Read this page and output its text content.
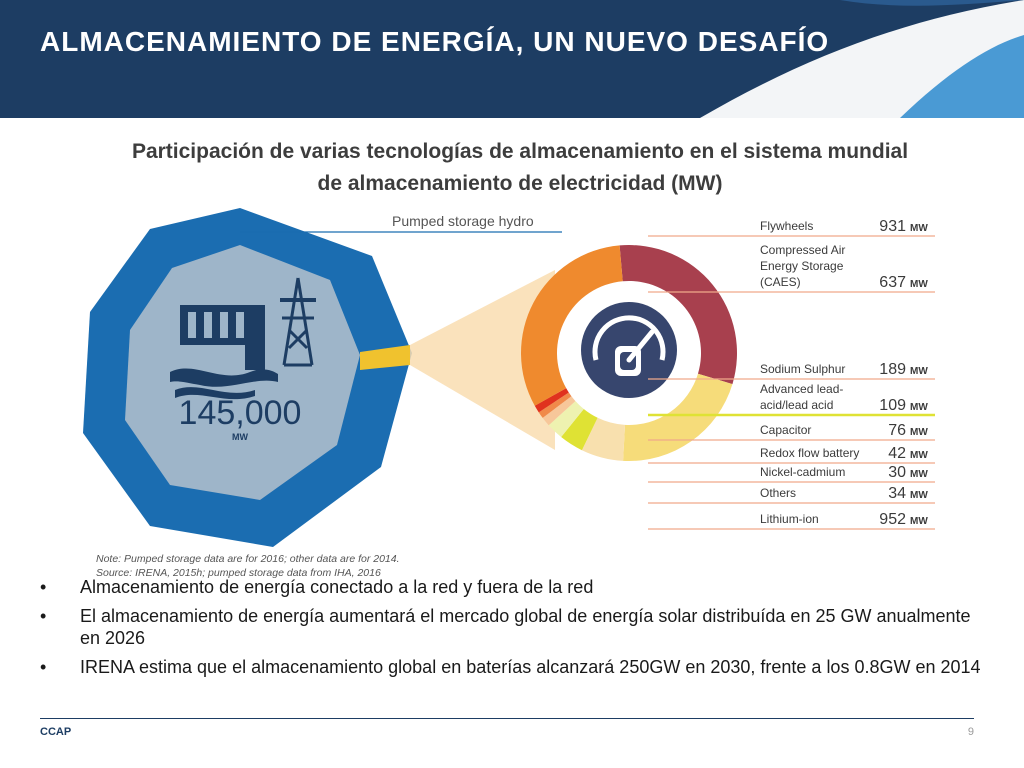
ALMACENAMIENTO DE ENERGÍA, UN NUEVO DESAFÍO
Participación de varias tecnologías de almacenamiento en el sistema mundial de almacenamiento de electricidad (MW)
145,000
MW
Pumped storage hydro	Flywheels	931 MW
Compressed Air
Energy Storage
(CAES)	637 MW
Sodium Sulphur 189 MW
Advanced lead-
acid/lead acid	109 MW
Capacitor	76 MW
Redox flow battery 42 MW
Nickel-cadmium	30 MW
Others	34 MW
Lithium-ion	952 MW
Note: Pumped storage data are for 2016; other data are for 2014.
Source: IRENA, 2015h; pumped storage data from IHA, 2016
• Almacenamiento de energía conectado a la red y fuera de la red
• El almacenamiento de energía aumentará el mercado global de energía solar distribuída en 25 GW anualmente en 2026
• IRENA estima que el almacenamiento global en baterías alcanzará 250GW en 2030, frente a los 0.8GW en 2014
CCAP	9
